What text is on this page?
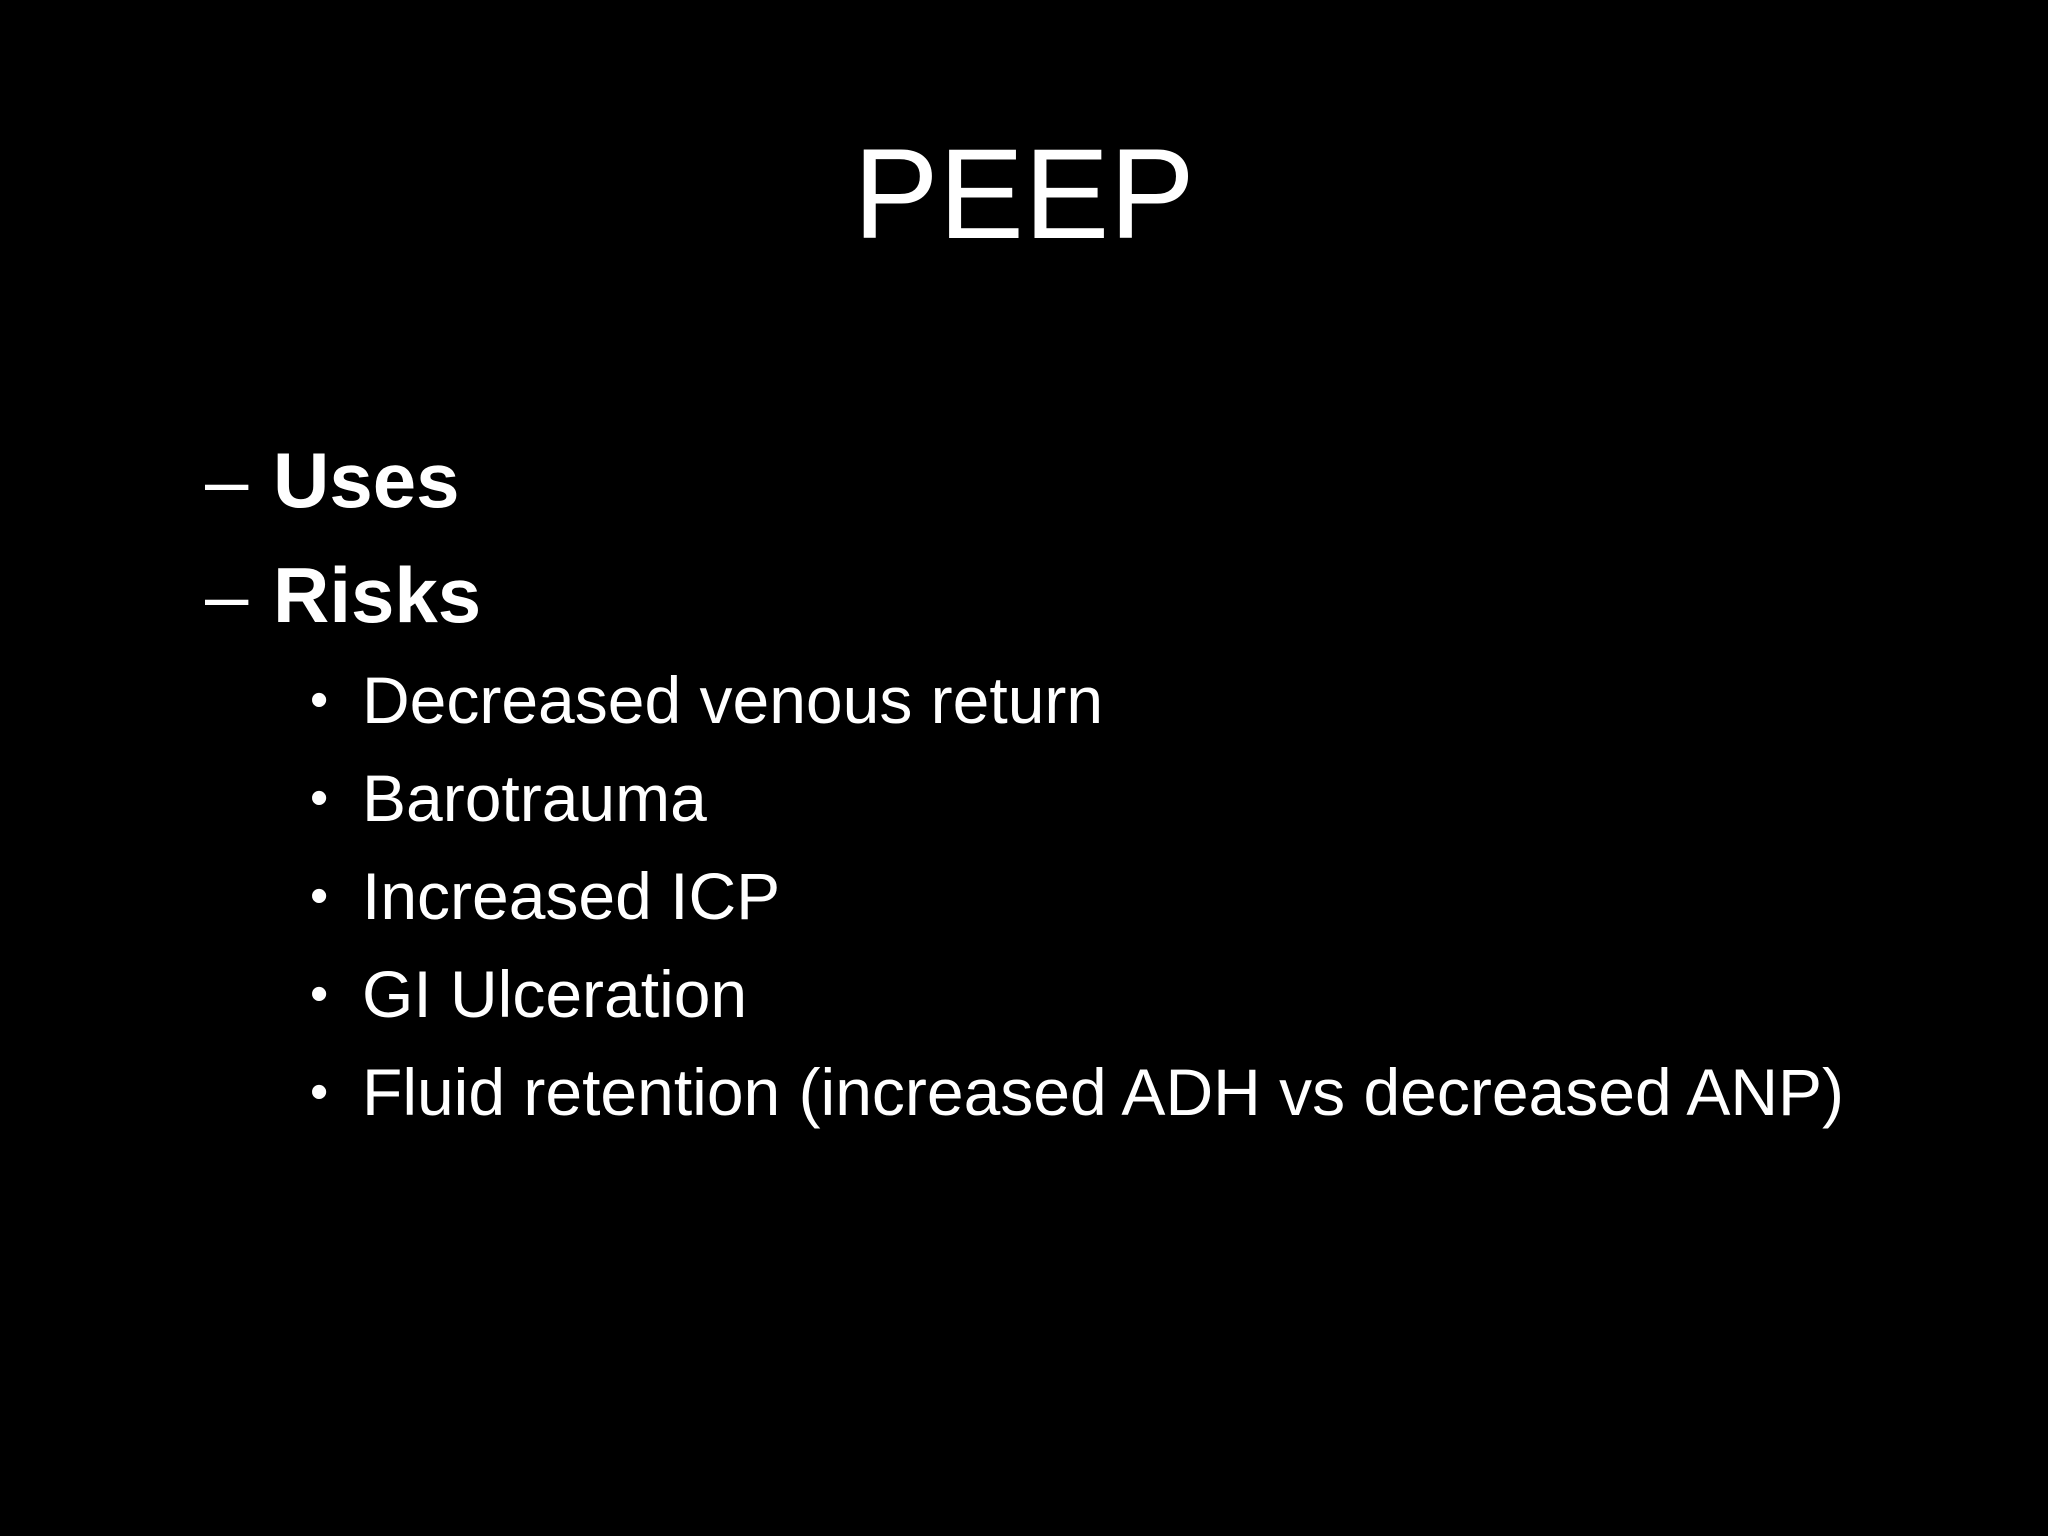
PEEP
– Uses
– Risks
• Decreased venous return
• Barotrauma
• Increased ICP
• GI Ulceration
• Fluid retention (increased ADH vs decreased ANP)
